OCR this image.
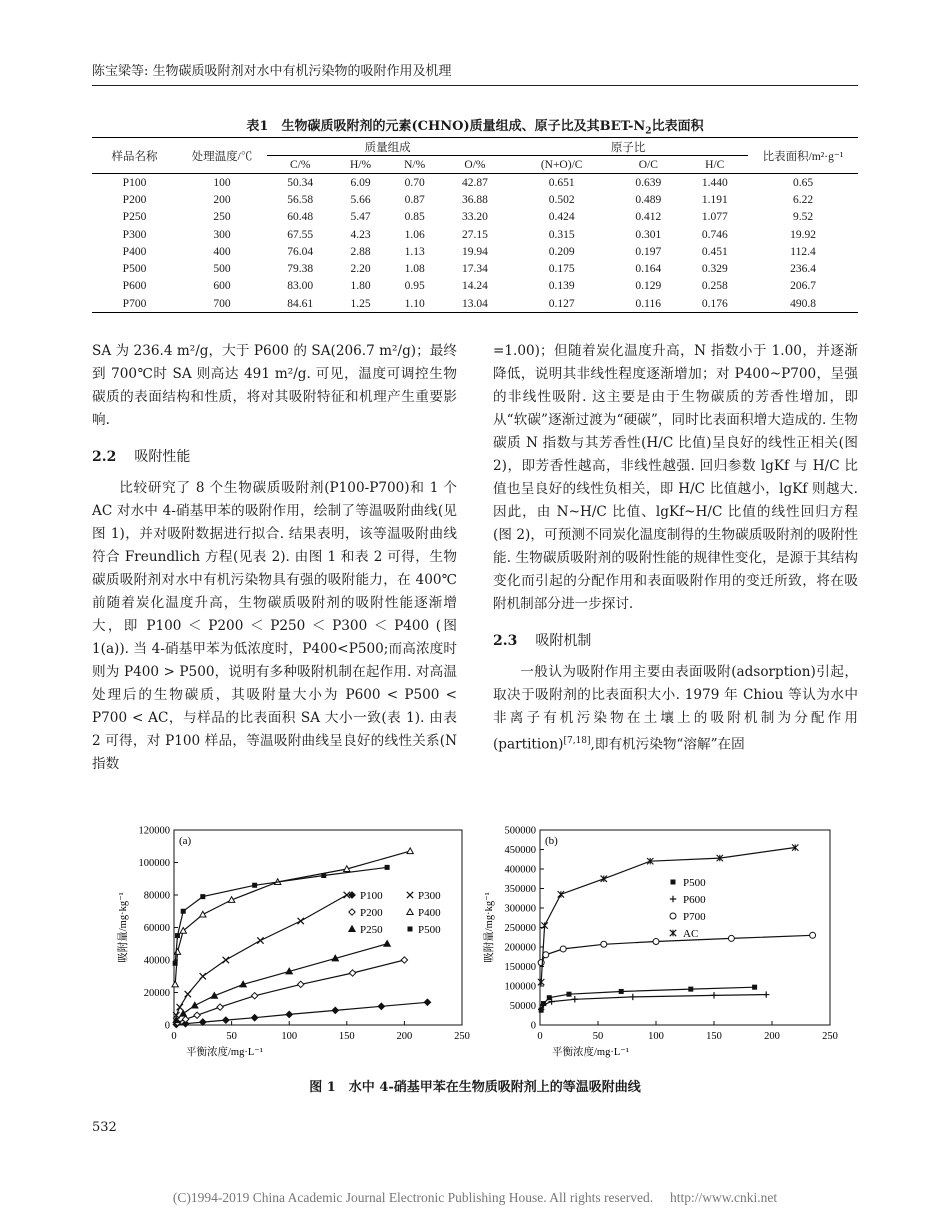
陈宝梁等: 生物碳质吸附剂对水中有机污染物的吸附作用及机理
表1　生物碳质吸附剂的元素(CHNO)质量组成、原子比及其BET-$N_2$比表面积
样品名称	处理温度/℃	质量组成				原子比			比表面积/m²·g⁻¹
		C/%	H/%	N/%	O/%	(N+O)/C	O/C	H/C	
P100	100	50.34	6.09	0.70	42.87	0.651	0.639	1.440	0.65
P200	200	56.58	5.66	0.87	36.88	0.502	0.489	1.191	6.22
P250	250	60.48	5.47	0.85	33.20	0.424	0.412	1.077	9.52
P300	300	67.55	4.23	1.06	27.15	0.315	0.301	0.746	19.92
P400	400	76.04	2.88	1.13	19.94	0.209	0.197	0.451	112.4
P500	500	79.38	2.20	1.08	17.34	0.175	0.164	0.329	236.4
P600	600	83.00	1.80	0.95	14.24	0.139	0.129	0.258	206.7
P700	700	84.61	1.25	1.10	13.04	0.127	0.116	0.176	490.8

SA 为 236.4 m²/g，大于 P600 的 SA(206.7 m²/g)；最终到 700℃时 SA 则高达 491 m²/g. 可见，温度可调控生物碳质的表面结构和性质，将对其吸附特征和机理产生重要影响.

2.2 吸附性能

比较研究了 8 个生物碳质吸附剂(P100-P700)和 1 个 AC 对水中 4-硝基甲苯的吸附作用，绘制了等温吸附曲线(见图 1)，并对吸附数据进行拟合. 结果表明，该等温吸附曲线符合 Freundlich 方程(见表 2). 由图 1 和表 2 可得，生物碳质吸附剂对水中有机污染物具有强的吸附能力，在 400℃前随着炭化温度升高，生物碳质吸附剂的吸附性能逐渐增大，即 P100 ＜ P200 ＜ P250 ＜ P300 ＜ P400 (图 1(a)). 当 4-硝基甲苯为低浓度时，P400<P500;而高浓度时则为 P400 > P500，说明有多种吸附机制在起作用. 对高温处理后的生物碳质，其吸附量大小为 P600 < P500 < P700 < AC，与样品的比表面积 SA 大小一致(表 1). 由表 2 可得，对 P100 样品，等温吸附曲线呈良好的线性关系(N 指数

=1.00)；但随着炭化温度升高，N 指数小于 1.00，并逐渐降低，说明其非线性程度逐渐增加；对 P400~P700，呈强的非线性吸附. 这主要是由于生物碳质的芳香性增加，即从“软碳”逐渐过渡为“硬碳”，同时比表面积增大造成的. 生物碳质 N 指数与其芳香性(H/C 比值)呈良好的线性正相关(图 2)，即芳香性越高，非线性越强. 回归参数 lgKf 与 H/C 比值也呈良好的线性负相关，即 H/C 比值越小，lgKf 则越大. 因此，由 N~H/C 比值、lgKf~H/C 比值的线性回归方程(图 2)，可预测不同炭化温度制得的生物碳质吸附剂的吸附性能. 生物碳质吸附剂的吸附性能的规律性变化，是源于其结构变化而引起的分配作用和表面吸附作用的变迁所致，将在吸附机制部分进一步探讨.

2.3 吸附机制

一般认为吸附作用主要由表面吸附(adsorption)引起，取决于吸附剂的比表面积大小. 1979 年 Chiou 等认为水中非离子有机污染物在土壤上的吸附机制为分配作用(partition)[7,18],即有机污染物“溶解”在固

0
20000
40000
60000
80000
100000
120000
0	50	100	150	200	250
平衡浓度/mg·L⁻¹
吸附量/mg·kg⁻¹
(a)
P100
P200
P250
P300
P400
P500
0
50000
100000
150000
200000
250000
300000
350000
400000
450000
500000
0	50	100	150	200	250
平衡浓度/mg·L⁻¹
吸附量/mg·kg⁻¹
(b)
P500
P600
P700
AC
图 1　水中 4-硝基甲苯在生物质吸附剂上的等温吸附曲线
532
(C)1994-2019 China Academic Journal Electronic Publishing House. All rights reserved.　 http://www.cnki.net
